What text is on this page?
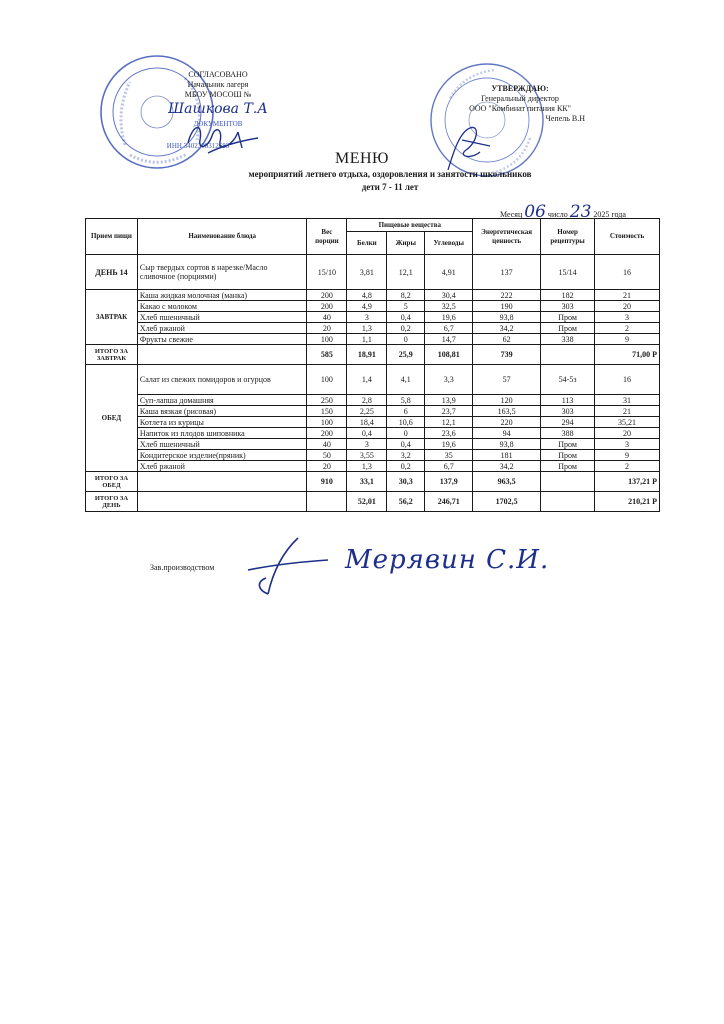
СОГЛАСОВАНО
Начальник лагеря
МБОУ МОСОШ №
Шашкова Т.А
ДОКУМЕНТОВ
ИНН 3402300312683
УТВЕРЖДАЮ:
Генеральный директор
ООО "Комбинат питания КК"
Чепель В.Н
МЕНЮ
мероприятий летнего отдыха, оздоровления и занятости школьников
дети 7 - 11 лет
Месяц 06 число 23 2025 года
Прием пищи	Наименование блюда	Вес порции	Пищевые вещества			Энергетическая ценность	Номер рецептуры	Стоимость
			Белки	Жиры	Углеводы			
ДЕНЬ 14	Сыр твердых сортов в нарезке/Масло сливочное (порциями)	15/10	3,81	12,1	4,91	137	15/14	16
ЗАВТРАК	Каша жидкая молочная (манка)	200	4,8	8,2	30,4	222	182	21
	Какао с молоком	200	4,9	5	32,5	190	303	20
	Хлеб пшеничный	40	3	0,4	19,6	93,8	Пром	3
	Хлеб ржаной	20	1,3	0,2	6,7	34,2	Пром	2
	Фрукты свежие	100	1,1	0	14,7	62	338	9
ИТОГО ЗА ЗАВТРАК		585	18,91	25,9	108,81	739		71,00 Р
ОБЕД	Салат из свежих помидоров и огурцов	100	1,4	4,1	3,3	57	54-5з	16
	Суп-лапша домашняя	250	2,8	5,8	13,9	120	113	31
	Каша вязкая (рисовая)	150	2,25	6	23,7	163,5	303	21
	Котлета из курицы	100	18,4	10,6	12,1	220	294	35,21
	Напиток из плодов шиповника	200	0,4	0	23,6	94	388	20
	Хлеб пшеничный	40	3	0,4	19,6	93,8	Пром	3
	Кондитерское изделие(пряник)	50	3,55	3,2	35	181	Пром	9
	Хлеб ржаной	20	1,3	0,2	6,7	34,2	Пром	2
ИТОГО ЗА ОБЕД		910	33,1	30,3	137,9	963,5		137,21 Р
ИТОГО ЗА ДЕНЬ			52,01	56,2	246,71	1702,5		210,21 Р
Зав.производством	Мерявин С.И.
